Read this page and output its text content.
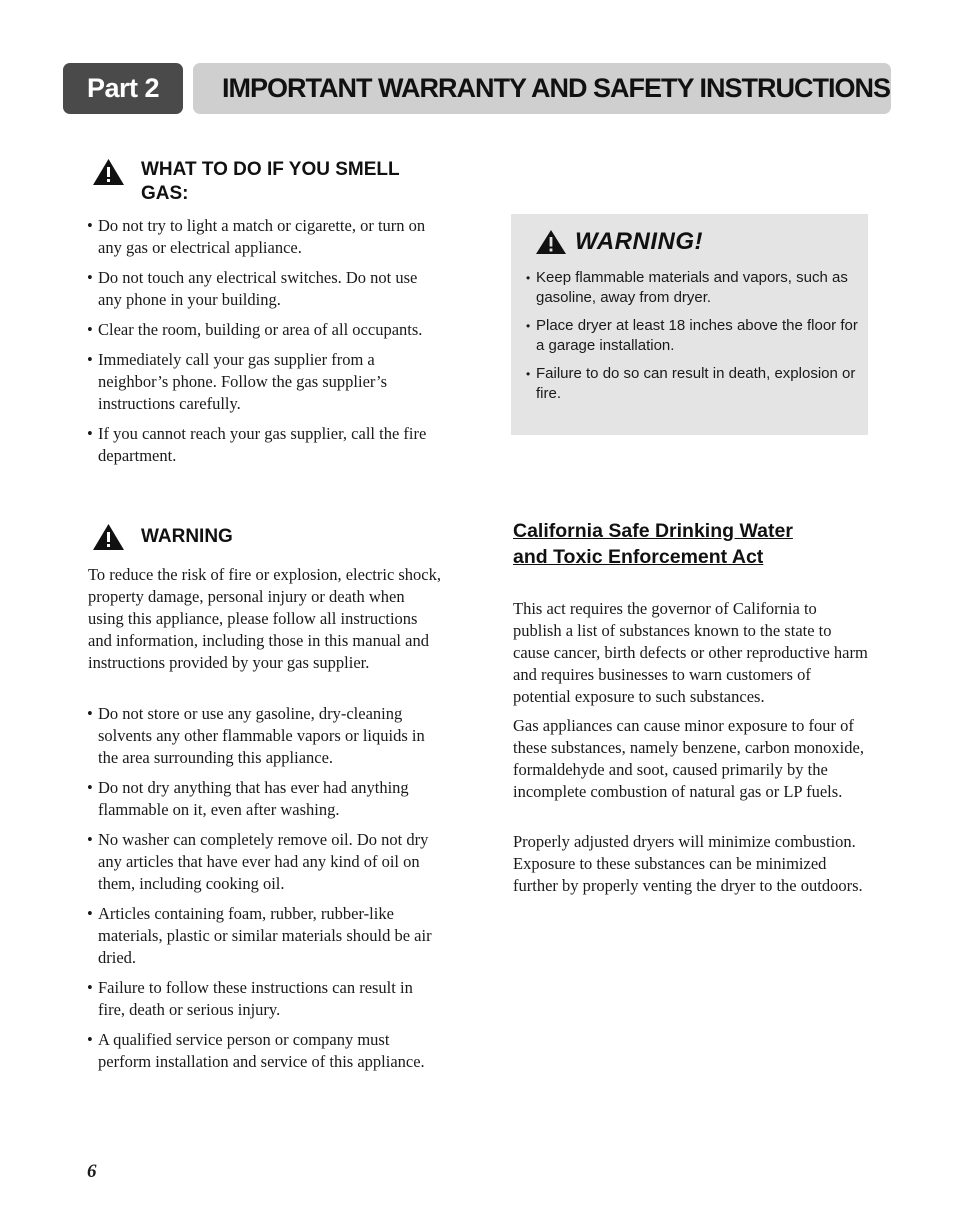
Part 2	IMPORTANT WARRANTY AND SAFETY INSTRUCTIONS
WHAT TO DO IF YOU SMELL GAS:
• Do not try to light a match or cigarette, or turn on any gas or electrical appliance.
• Do not touch any electrical switches. Do not use any phone in your building.
• Clear the room, building or area of all occupants.
• Immediately call your gas supplier from a neighbor’s phone. Follow the gas supplier’s instructions carefully.
• If you cannot reach your gas supplier, call the fire department.
WARNING

To reduce the risk of fire or explosion, electric shock, property damage, personal injury or death when using this appliance, please follow all instructions and information, including those in this manual and instructions provided by your gas supplier.

• Do not store or use any gasoline, dry-cleaning solvents any other flammable vapors or liquids in the area surrounding this appliance.
• Do not dry anything that has ever had anything flammable on it, even after washing.
• No washer can completely remove oil. Do not dry any articles that have ever had any kind of oil on them, including cooking oil.
• Articles containing foam, rubber, rubber-like materials, plastic or similar materials should be air dried.
• Failure to follow these instructions can result in fire, death or serious injury.
• A qualified service person or company must perform installation and service of this appliance.
WARNING!
• Keep flammable materials and vapors, such as gasoline, away from dryer.
• Place dryer at least 18 inches above the floor for a garage installation.
• Failure to do so can result in death, explosion or fire.
California Safe Drinking Water
and Toxic Enforcement Act

This act requires the governor of California to publish a list of substances known to the state to cause cancer, birth defects or other reproductive harm and requires businesses to warn customers of potential exposure to such substances.

Gas appliances can cause minor exposure to four of these substances, namely benzene, carbon monoxide, formaldehyde and soot, caused primarily by the incomplete combustion of natural gas or LP fuels.

Properly adjusted dryers will minimize combustion. Exposure to these substances can be minimized further by properly venting the dryer to the outdoors.

6
